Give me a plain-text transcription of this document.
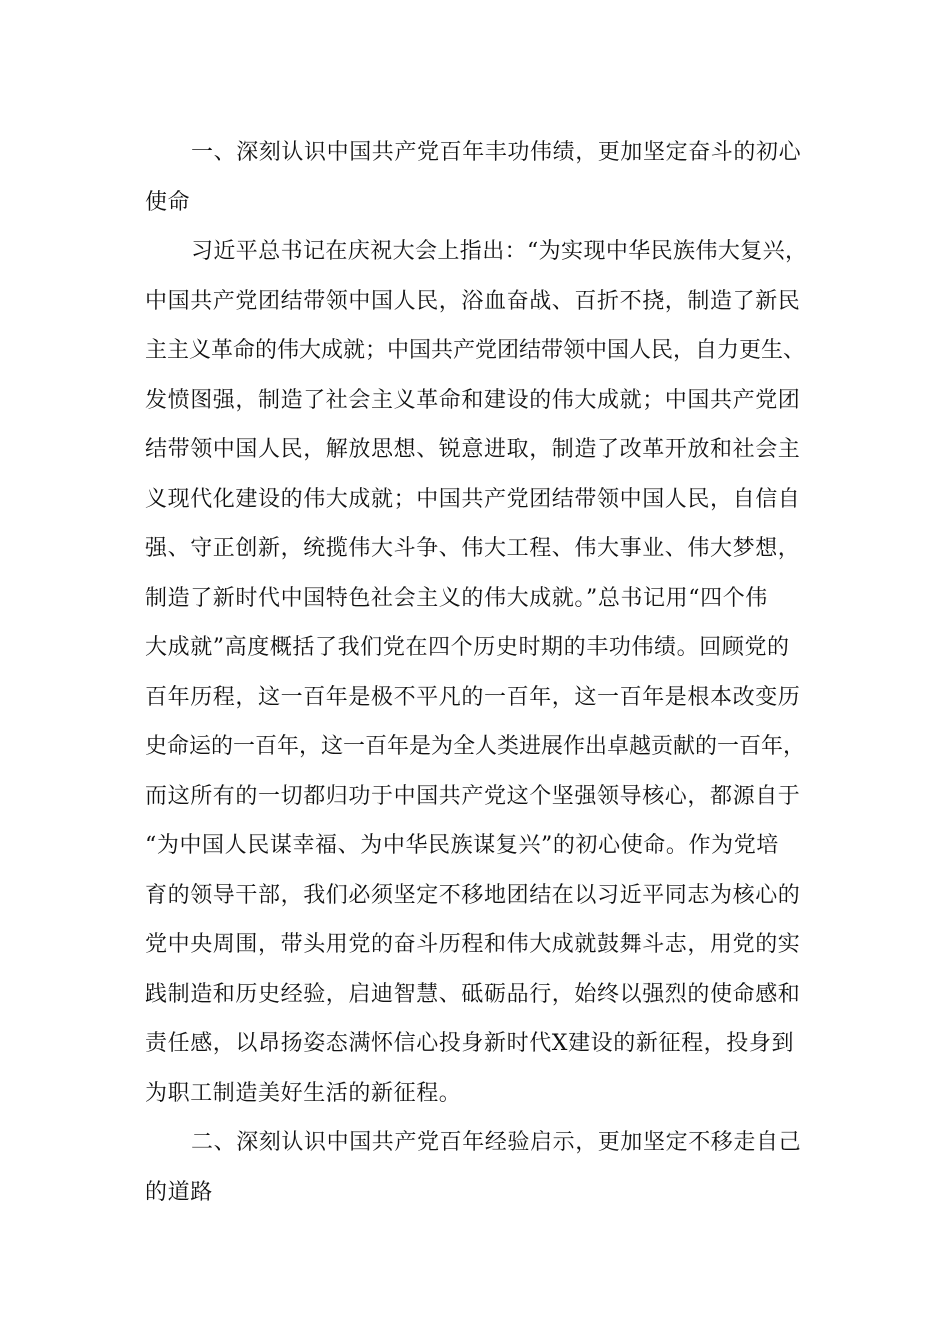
一、深刻认识中国共产党百年丰功伟绩，更加坚定奋斗的初心
使命
习近平总书记在庆祝大会上指出：“为实现中华民族伟大复兴，
中国共产党团结带领中国人民，浴血奋战、百折不挠，制造了新民
主主义革命的伟大成就；中国共产党团结带领中国人民，自力更生、
发愤图强，制造了社会主义革命和建设的伟大成就；中国共产党团
结带领中国人民，解放思想、锐意进取，制造了改革开放和社会主
义现代化建设的伟大成就；中国共产党团结带领中国人民，自信自
强、守正创新，统揽伟大斗争、伟大工程、伟大事业、伟大梦想，
制造了新时代中国特色社会主义的伟大成就。”总书记用“四个伟
大成就”高度概括了我们党在四个历史时期的丰功伟绩。回顾党的
百年历程，这一百年是极不平凡的一百年，这一百年是根本改变历
史命运的一百年，这一百年是为全人类进展作出卓越贡献的一百年，
而这所有的一切都归功于中国共产党这个坚强领导核心，都源自于
“为中国人民谋幸福、为中华民族谋复兴”的初心使命。作为党培
育的领导干部，我们必须坚定不移地团结在以习近平同志为核心的
党中央周围，带头用党的奋斗历程和伟大成就鼓舞斗志，用党的实
践制造和历史经验，启迪智慧、砥砺品行，始终以强烈的使命感和
责任感，以昂扬姿态满怀信心投身新时代X建设的新征程，投身到
为职工制造美好生活的新征程。
二、深刻认识中国共产党百年经验启示，更加坚定不移走自己
的道路
